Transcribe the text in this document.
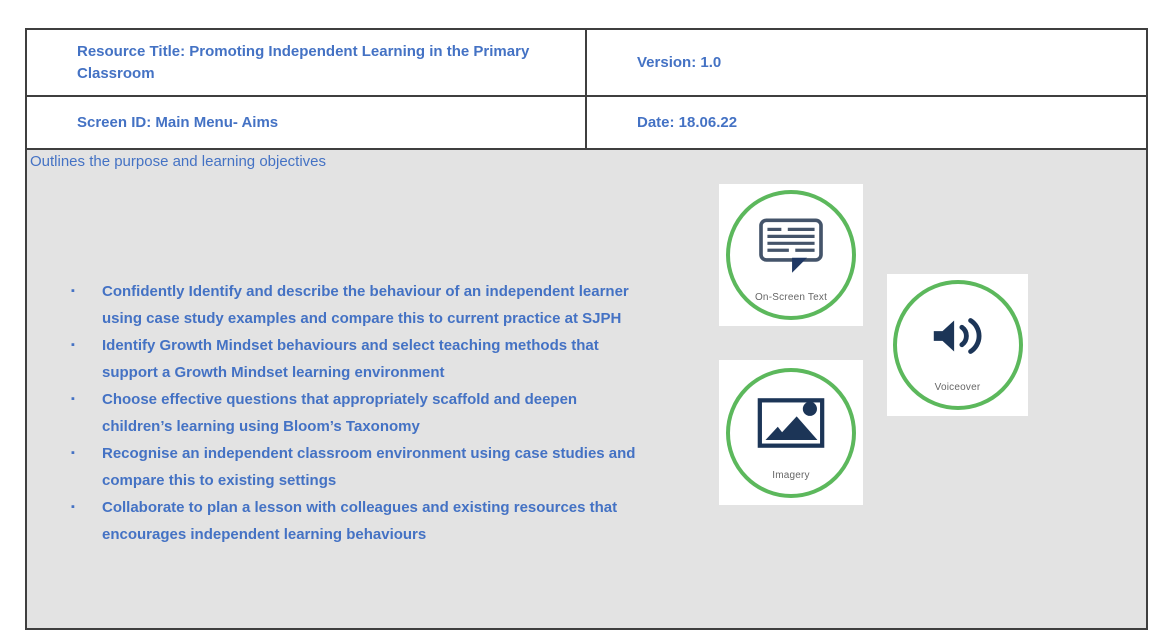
Resource Title: Promoting Independent Learning in the Primary Classroom
Version: 1.0
Screen ID: Main Menu- Aims	Date: 18.06.22
Outlines the purpose and learning objectives
▪ Confidently Identify and describe the behaviour of an independent learner using case study examples and compare this to current practice at SJPH
▪ Identify Growth Mindset behaviours and select teaching methods that support a Growth Mindset learning environment
▪ Choose effective questions that appropriately scaffold and deepen children’s learning using Bloom’s Taxonomy
▪ Recognise an independent classroom environment using case studies and compare this to existing settings
▪ Collaborate to plan a lesson with colleagues and existing resources that encourages independent learning behaviours
On-Screen Text
Voiceover
Imagery
